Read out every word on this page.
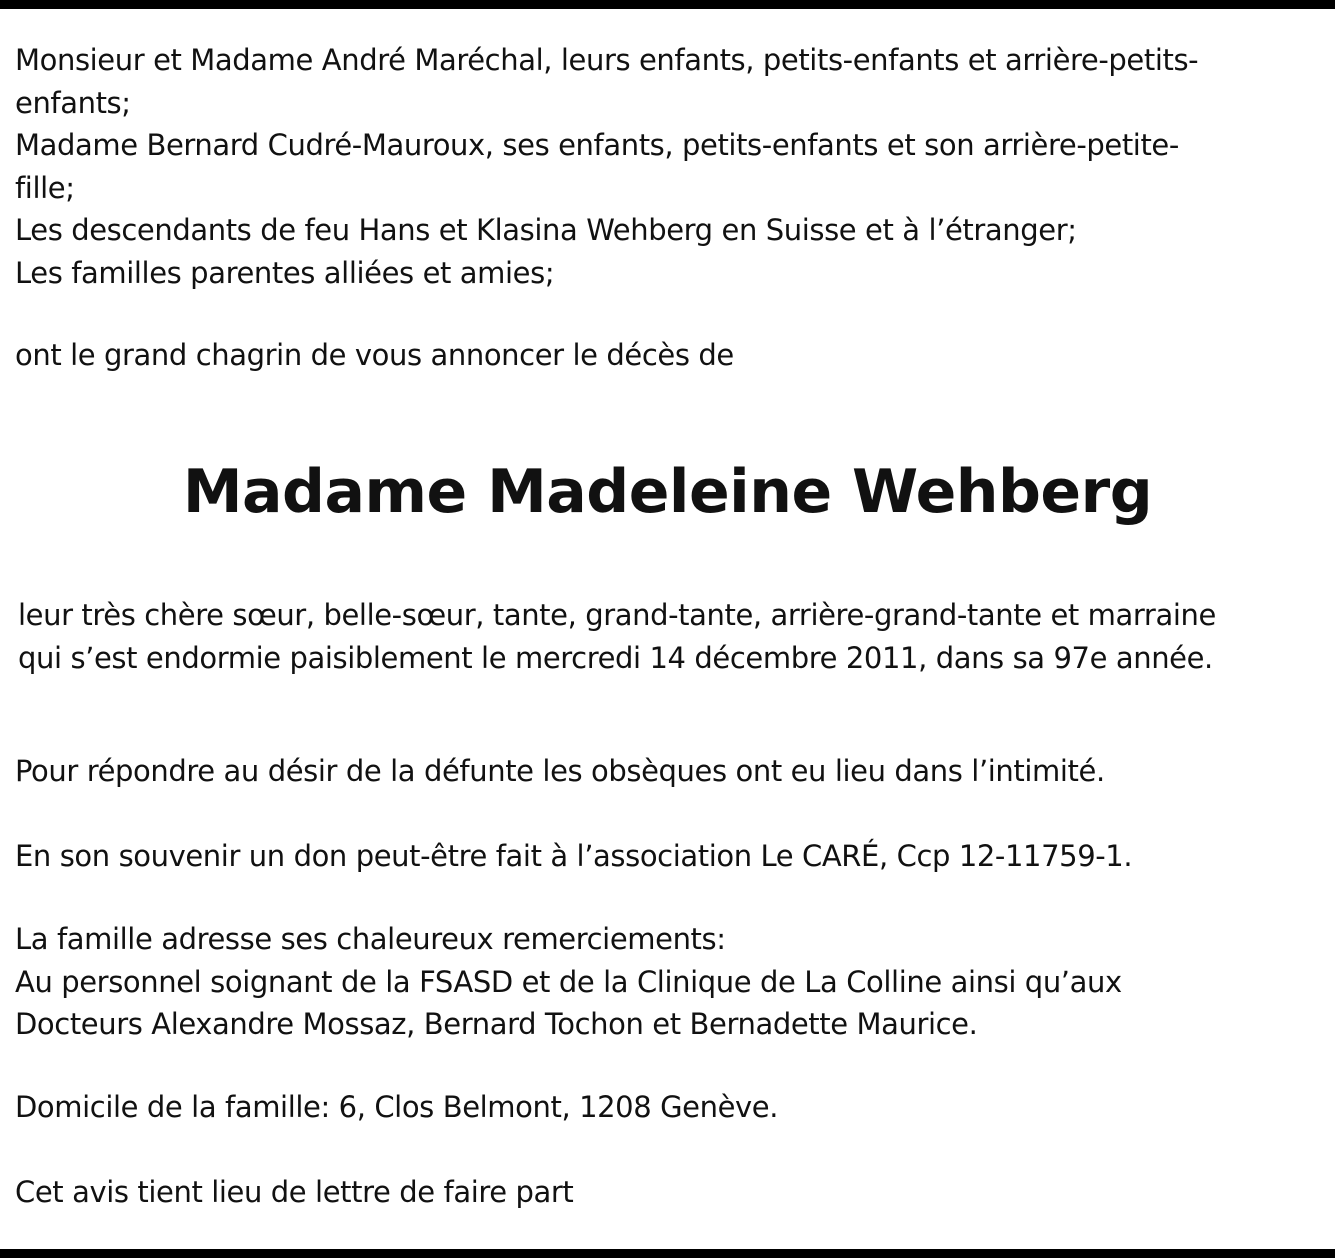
Monsieur et Madame André Maréchal, leurs enfants, petits-enfants et arrière-petits-
enfants;
Madame Bernard Cudré-Mauroux, ses enfants, petits-enfants et son arrière-petite-
fille;
Les descendants de feu Hans et Klasina Wehberg en Suisse et à l’étranger;
Les familles parentes alliées et amies;

ont le grand chagrin de vous annoncer le décès de

Madame Madeleine Wehberg

leur très chère sœur, belle-sœur, tante, grand-tante, arrière-grand-tante et marraine
qui s’est endormie paisiblement le mercredi 14 décembre 2011, dans sa 97e année.

Pour répondre au désir de la défunte les obsèques ont eu lieu dans l’intimité.

En son souvenir un don peut-être fait à l’association Le CARÉ, Ccp 12-11759-1.

La famille adresse ses chaleureux remerciements:
Au personnel soignant de la FSASD et de la Clinique de La Colline ainsi qu’aux
Docteurs Alexandre Mossaz, Bernard Tochon et Bernadette Maurice.

Domicile de la famille: 6, Clos Belmont, 1208 Genève.

Cet avis tient lieu de lettre de faire part
